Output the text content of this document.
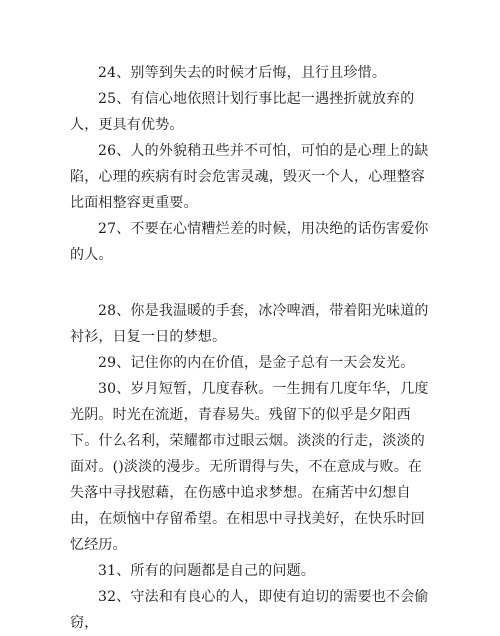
24、别等到失去的时候才后悔，且行且珍惜。

25、有信心地依照计划行事比起一遇挫折就放弃的人，更具有优势。

26、人的外貌稍丑些并不可怕，可怕的是心理上的缺陷，心理的疾病有时会危害灵魂，毁灭一个人，心理整容比面相整容更重要。

27、不要在心情糟烂差的时候，用决绝的话伤害爱你的人。

28、你是我温暖的手套，冰冷啤酒，带着阳光味道的衬衫，日复一日的梦想。

29、记住你的内在价值，是金子总有一天会发光。

30、岁月短暂，几度春秋。一生拥有几度年华，几度光阴。时光在流逝，青春易失。残留下的似乎是夕阳西下。什么名利，荣耀都市过眼云烟。淡淡的行走，淡淡的面对。()淡淡的漫步。无所谓得与失，不在意成与败。在失落中寻找慰藉，在伤感中追求梦想。在痛苦中幻想自由，在烦恼中存留希望。在相思中寻找美好，在快乐时回忆经历。

31、所有的问题都是自己的问题。

32、守法和有良心的人，即使有迫切的需要也不会偷窃，
